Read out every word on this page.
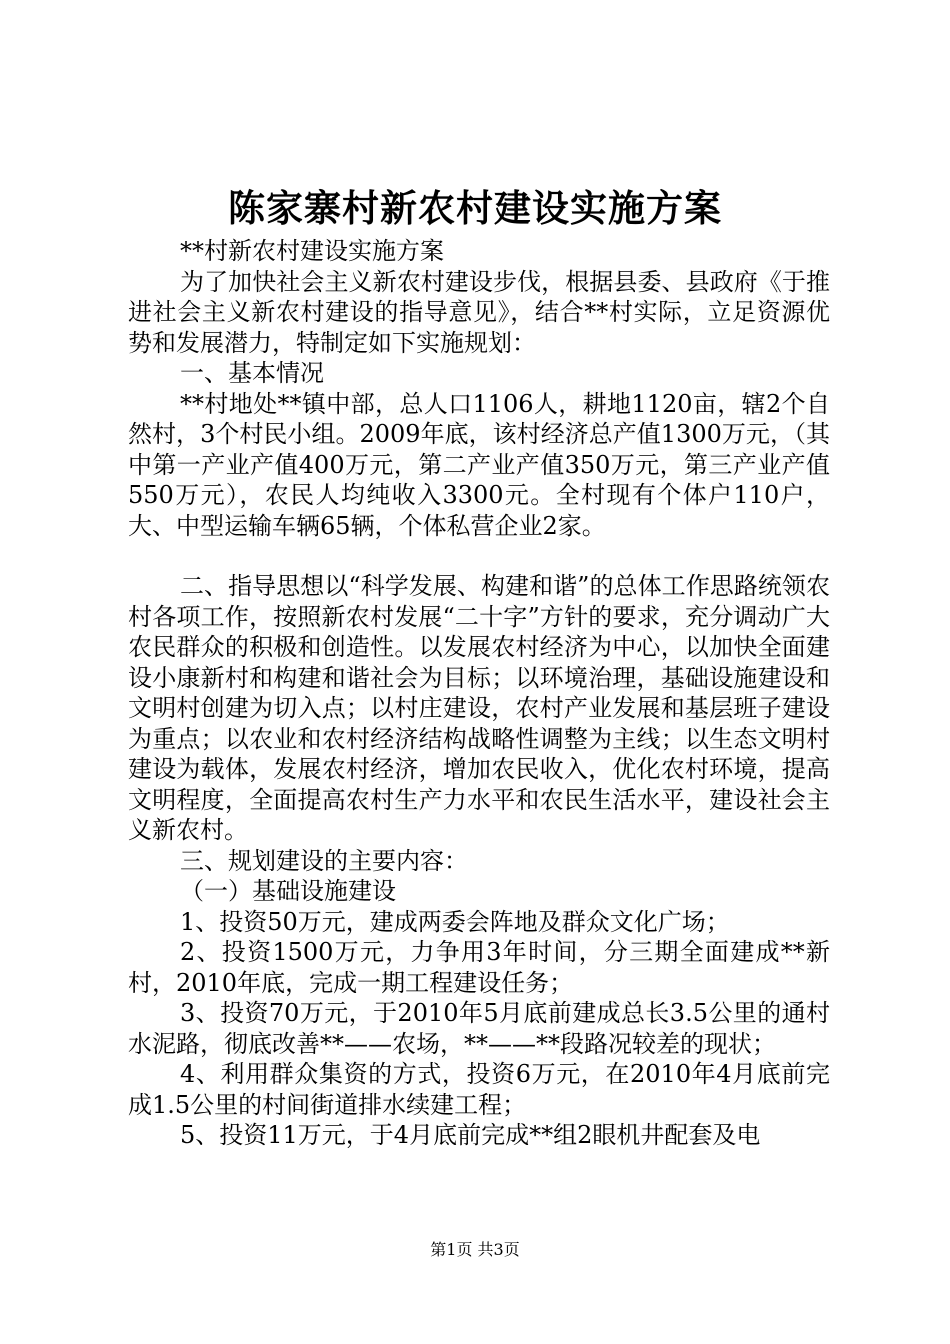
陈家寨村新农村建设实施方案

**村新农村建设实施方案

为了加快社会主义新农村建设步伐，根据县委、县政府《于推进社会主义新农村建设的指导意见》，结合**村实际，立足资源优势和发展潜力，特制定如下实施规划：

一、基本情况

**村地处**镇中部，总人口1106人，耕地1120亩，辖2个自然村，3个村民小组。2009年底，该村经济总产值1300万元，（其中第一产业产值400万元，第二产业产值350万元，第三产业产值550万元），农民人均纯收入3300元。全村现有个体户110户，大、中型运输车辆65辆，个体私营企业2家。

二、指导思想以“科学发展、构建和谐”的总体工作思路统领农村各项工作，按照新农村发展“二十字”方针的要求，充分调动广大农民群众的积极和创造性。以发展农村经济为中心，以加快全面建设小康新村和构建和谐社会为目标；以环境治理，基础设施建设和文明村创建为切入点；以村庄建设，农村产业发展和基层班子建设为重点；以农业和农村经济结构战略性调整为主线；以生态文明村建设为载体，发展农村经济，增加农民收入，优化农村环境，提高文明程度，全面提高农村生产力水平和农民生活水平，建设社会主义新农村。

三、规划建设的主要内容：

（一）基础设施建设

1、投资50万元，建成两委会阵地及群众文化广场；

2、投资1500万元，力争用3年时间，分三期全面建成**新村，2010年底，完成一期工程建设任务；

3、投资70万元，于2010年5月底前建成总长3.5公里的通村水泥路，彻底改善**——农场，**——**段路况较差的现状；

4、利用群众集资的方式，投资6万元，在2010年4月底前完成1.5公里的村间街道排水续建工程；

5、投资11万元，于4月底前完成**组2眼机井配套及电

第1页 共3页
